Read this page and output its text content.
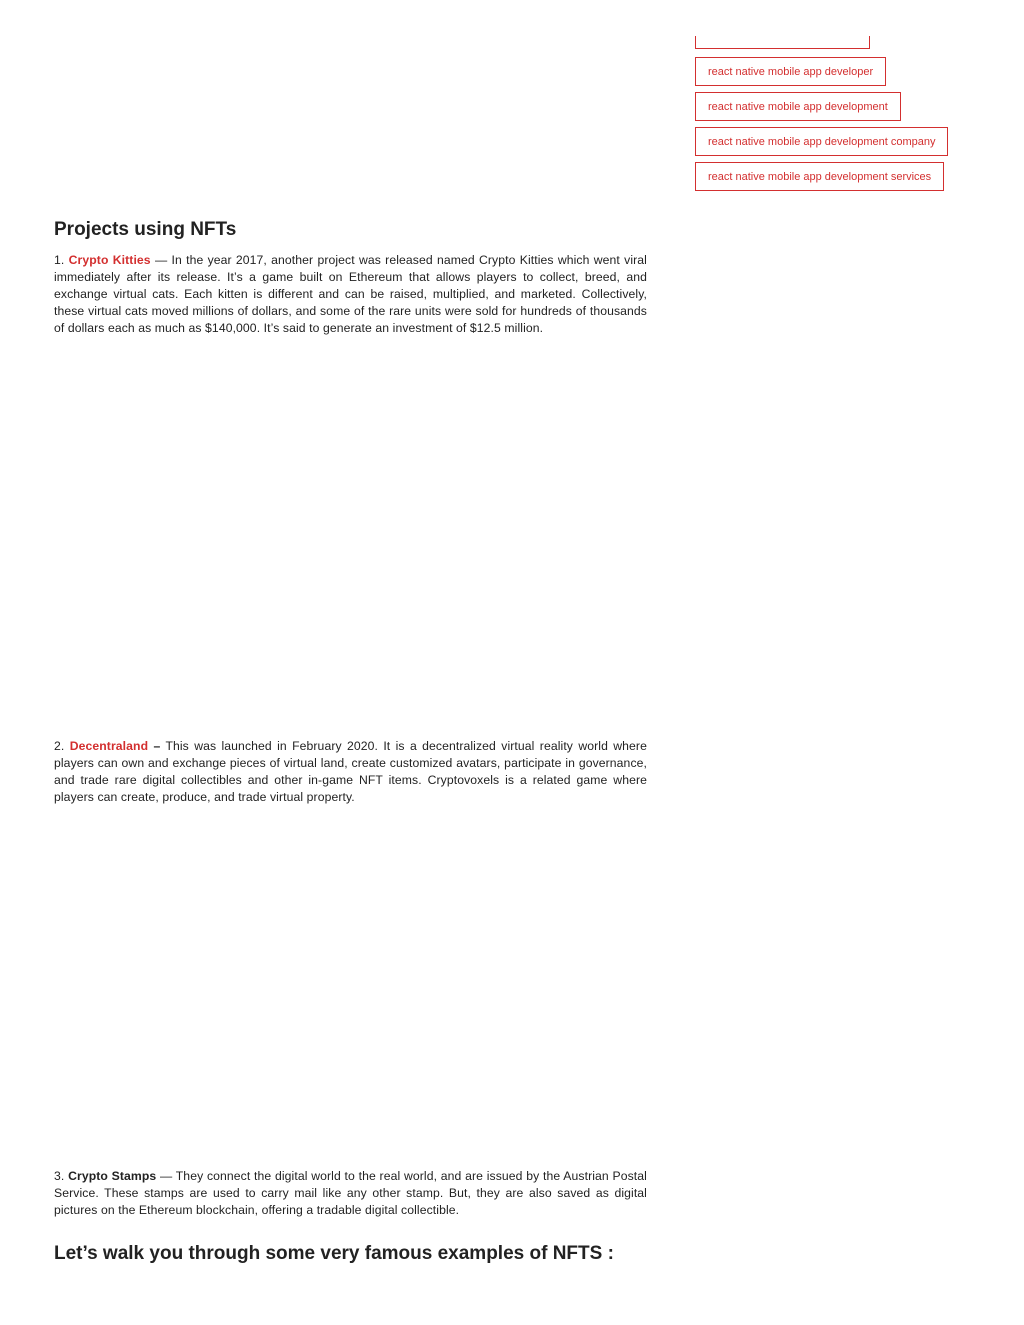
react native mobile app developer
react native mobile app development
react native mobile app development company
react native mobile app development services
Projects using NFTs

1. Crypto Kitties — In the year 2017, another project was released named Crypto Kitties which went viral immediately after its release. It’s a game built on Ethereum that allows players to collect, breed, and exchange virtual cats. Each kitten is different and can be raised, multiplied, and marketed. Collectively, these virtual cats moved millions of dollars, and some of the rare units were sold for hundreds of thousands of dollars each as much as $140,000. It’s said to generate an investment of $12.5 million.

2. Decentraland – This was launched in February 2020. It is a decentralized virtual reality world where players can own and exchange pieces of virtual land, create customized avatars, participate in governance, and trade rare digital collectibles and other in-game NFT items. Cryptovoxels is a related game where players can create, produce, and trade virtual property.

3. Crypto Stamps — They connect the digital world to the real world, and are issued by the Austrian Postal Service. These stamps are used to carry mail like any other stamp. But, they are also saved as digital pictures on the Ethereum blockchain, offering a tradable digital collectible.

Let’s walk you through some very famous examples of NFTS :
